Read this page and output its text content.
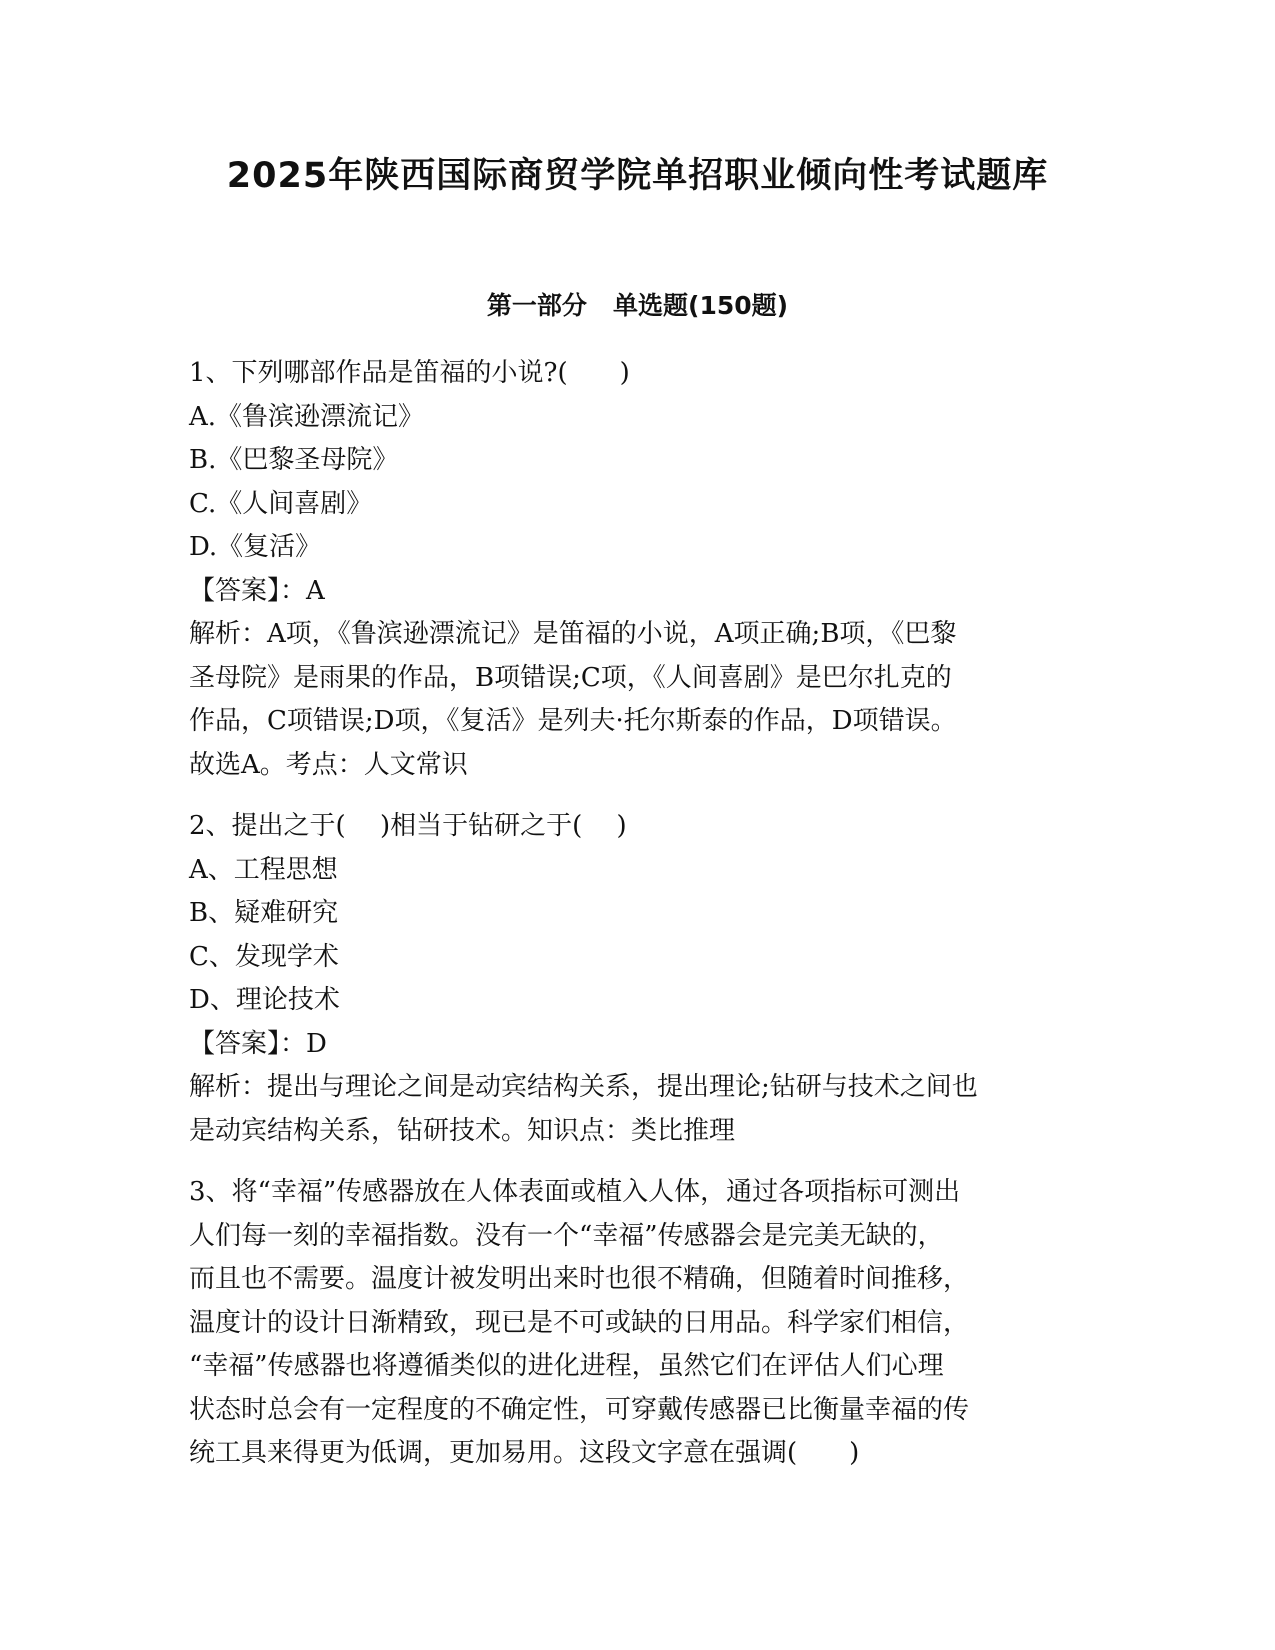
2025年陕西国际商贸学院单招职业倾向性考试题库
第一部分   单选题(150题)
1、下列哪部作品是笛福的小说?(　　)
A.《鲁滨逊漂流记》
B.《巴黎圣母院》
C.《人间喜剧》
D.《复活》
【答案】：A
解析：A项，《鲁滨逊漂流记》是笛福的小说，A项正确;B项，《巴黎
圣母院》是雨果的作品，B项错误;C项，《人间喜剧》是巴尔扎克的
作品，C项错误;D项，《复活》是列夫·托尔斯泰的作品，D项错误。
故选A。考点：人文常识
2、提出之于(　 )相当于钻研之于(　 )
A、工程思想
B、疑难研究
C、发现学术
D、理论技术
【答案】：D
解析：提出与理论之间是动宾结构关系，提出理论;钻研与技术之间也
是动宾结构关系，钻研技术。知识点：类比推理
3、将“幸福”传感器放在人体表面或植入人体，通过各项指标可测出
人们每一刻的幸福指数。没有一个“幸福”传感器会是完美无缺的，
而且也不需要。温度计被发明出来时也很不精确，但随着时间推移，
温度计的设计日渐精致，现已是不可或缺的日用品。科学家们相信，
“幸福”传感器也将遵循类似的进化进程，虽然它们在评估人们心理
状态时总会有一定程度的不确定性，可穿戴传感器已比衡量幸福的传
统工具来得更为低调，更加易用。这段文字意在强调(　　)
